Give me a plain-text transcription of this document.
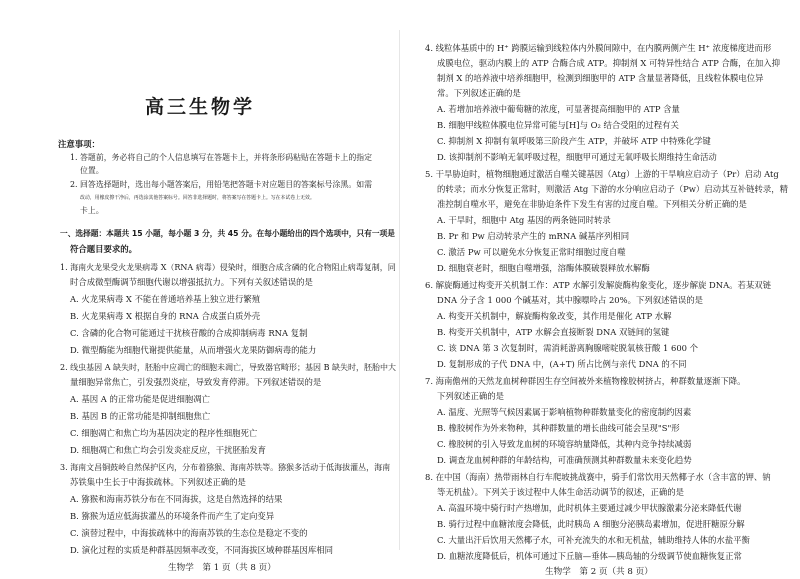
高三生物学
注意事项：
1. 答题前，务必将自己的个人信息填写在答题卡上，并将条形码粘贴在答题卡上的指定
位置。
2. 回答选择题时，选出每小题答案后，用铅笔把答题卡对应题目的答案标号涂黑。如需
改动，用橡皮擦干净后，再选涂其他答案标号。回答非选择题时，将答案写在答题卡上。写在本试卷上无效。
卡上。
一、选择题：本题共 15 小题，每小题 3 分，共 45 分。在每小题给出的四个选项中，只有一项是
符合题目要求的。
1. 海南火龙果受火龙果病毒 X（RNA 病毒）侵染时，细胞合成含磷的化合物阻止病毒复制，同
时合成微型酶调节细胞代谢以增强抵抗力。下列有关叙述错误的是
A. 火龙果病毒 X 不能在普通培养基上独立进行繁殖
B. 火龙果病毒 X 根据自身的 RNA 合成蛋白质外壳
C. 含磷的化合物可能通过干扰核苷酸的合成抑制病毒 RNA 复制
D. 微型酶能为细胞代谢提供能量，从而增强火龙果防御病毒的能力
2. 线虫基因 A 缺失时，胚胎中应凋亡的细胞未凋亡，导致器官畸形；基因 B 缺失时，胚胎中大
量细胞异常焦亡，引发强烈炎症，导致发育停滞。下列叙述错误的是
A. 基因 A 的正常功能是促进细胞凋亡
B. 基因 B 的正常功能是抑制细胞焦亡
C. 细胞凋亡和焦亡均为基因决定的程序性细胞死亡
D. 细胞凋亡和焦亡均会引发炎症反应，干扰胚胎发育
3. 海南文昌铜鼓岭自然保护区内，分布着猕猴、海南苏铁等。猕猴多活动于低海拔灌丛，海南
苏铁集中生长于中海拔疏林。下列叙述正确的是
A. 猕猴和海南苏铁分布在不同海拔，这是自然选择的结果
B. 猕猴为适应低海拔灌丛的环境条件而产生了定向变异
C. 演替过程中，中海拔疏林中的海南苏铁的生态位是稳定不变的
D. 演化过程的实质是种群基因频率改变，不同海拔区域种群基因库相同
生物学　第 1 页（共 8 页）
4. 线粒体基质中的 H⁺ 跨膜运输到线粒体内外膜间隙中，在内膜两侧产生 H⁺ 浓度梯度进而形
成膜电位，驱动内膜上的 ATP 合酶合成 ATP。抑制剂 X 可特异性结合 ATP 合酶，在加入抑
制剂 X 的培养液中培养细胞甲，检测到细胞甲的 ATP 含量显著降低，且线粒体膜电位异
常。下列叙述正确的是
A. 若增加培养液中葡萄糖的浓度，可显著提高细胞甲的 ATP 含量
B. 细胞甲线粒体膜电位异常可能与[H]与 O₂ 结合受阻的过程有关
C. 抑制剂 X 抑制有氧呼吸第三阶段产生 ATP，并破坏 ATP 中特殊化学键
D. 该抑制剂不影响无氧呼吸过程，细胞甲可通过无氧呼吸长期维持生命活动
5. 干旱胁迫时，植物细胞通过激活自噬关键基因（Atg）上游的干旱响应启动子（Pr）启动 Atg
的转录；而水分恢复正常时，则激活 Atg 下游的水分响应启动子（Pw）启动其互补链转录，精
准控制自噬水平，避免在非胁迫条件下发生有害的过度自噬。下列相关分析正确的是
A. 干旱时，细胞中 Atg 基因的两条链同时转录
B. Pr 和 Pw 启动转录产生的 mRNA 碱基序列相同
C. 激活 Pw 可以避免水分恢复正常时细胞过度自噬
D. 细胞衰老时，细胞自噬增强，溶酶体膜破裂释放水解酶
6. 解旋酶通过构变开关机制工作：ATP 水解引发解旋酶构象变化，逐步解旋 DNA。若某双链
DNA 分子含 1 000 个碱基对，其中腺嘌呤占 20%。下列叙述错误的是
A. 构变开关机制中，解旋酶构象改变，其作用是催化 ATP 水解
B. 构变开关机制中，ATP 水解会直接断裂 DNA 双链间的氢键
C. 该 DNA 第 3 次复制时，需消耗游离胸腺嘧啶脱氧核苷酸 1 600 个
D. 复制形成的子代 DNA 中，(A+T) 所占比例与亲代 DNA 的不同
7. 海南儋州的天然龙血树种群因生存空间被外来植物橡胶树挤占，种群数量逐渐下降。
下列叙述正确的是
A. 温度、光照等气候因素属于影响植物种群数量变化的密度制约因素
B. 橡胶树作为外来物种，其种群数量的增长曲线可能会呈现"S"形
C. 橡胶树的引入导致龙血树的环境容纳量降低，其种内竞争持续减弱
D. 调查龙血树种群的年龄结构，可准确预测其种群数量未来变化趋势
8. 在中国（海南）热带雨林自行车爬坡挑战赛中，骑手们常饮用天然椰子水（含丰富的钾、钠
等无机盐）。下列关于该过程中人体生命活动调节的叙述，正确的是
A. 高温环境中骑行时产热增加，此时机体主要通过减少甲状腺激素分泌来降低代谢
B. 骑行过程中血糖浓度会降低，此时胰岛 A 细胞分泌胰岛素增加，促进肝糖原分解
C. 大量出汗后饮用天然椰子水，可补充流失的水和无机盐，辅助维持人体的水盐平衡
D. 血糖浓度降低后，机体可通过下丘脑—垂体—胰岛轴的分级调节使血糖恢复正常
生物学　第 2 页（共 8 页）
